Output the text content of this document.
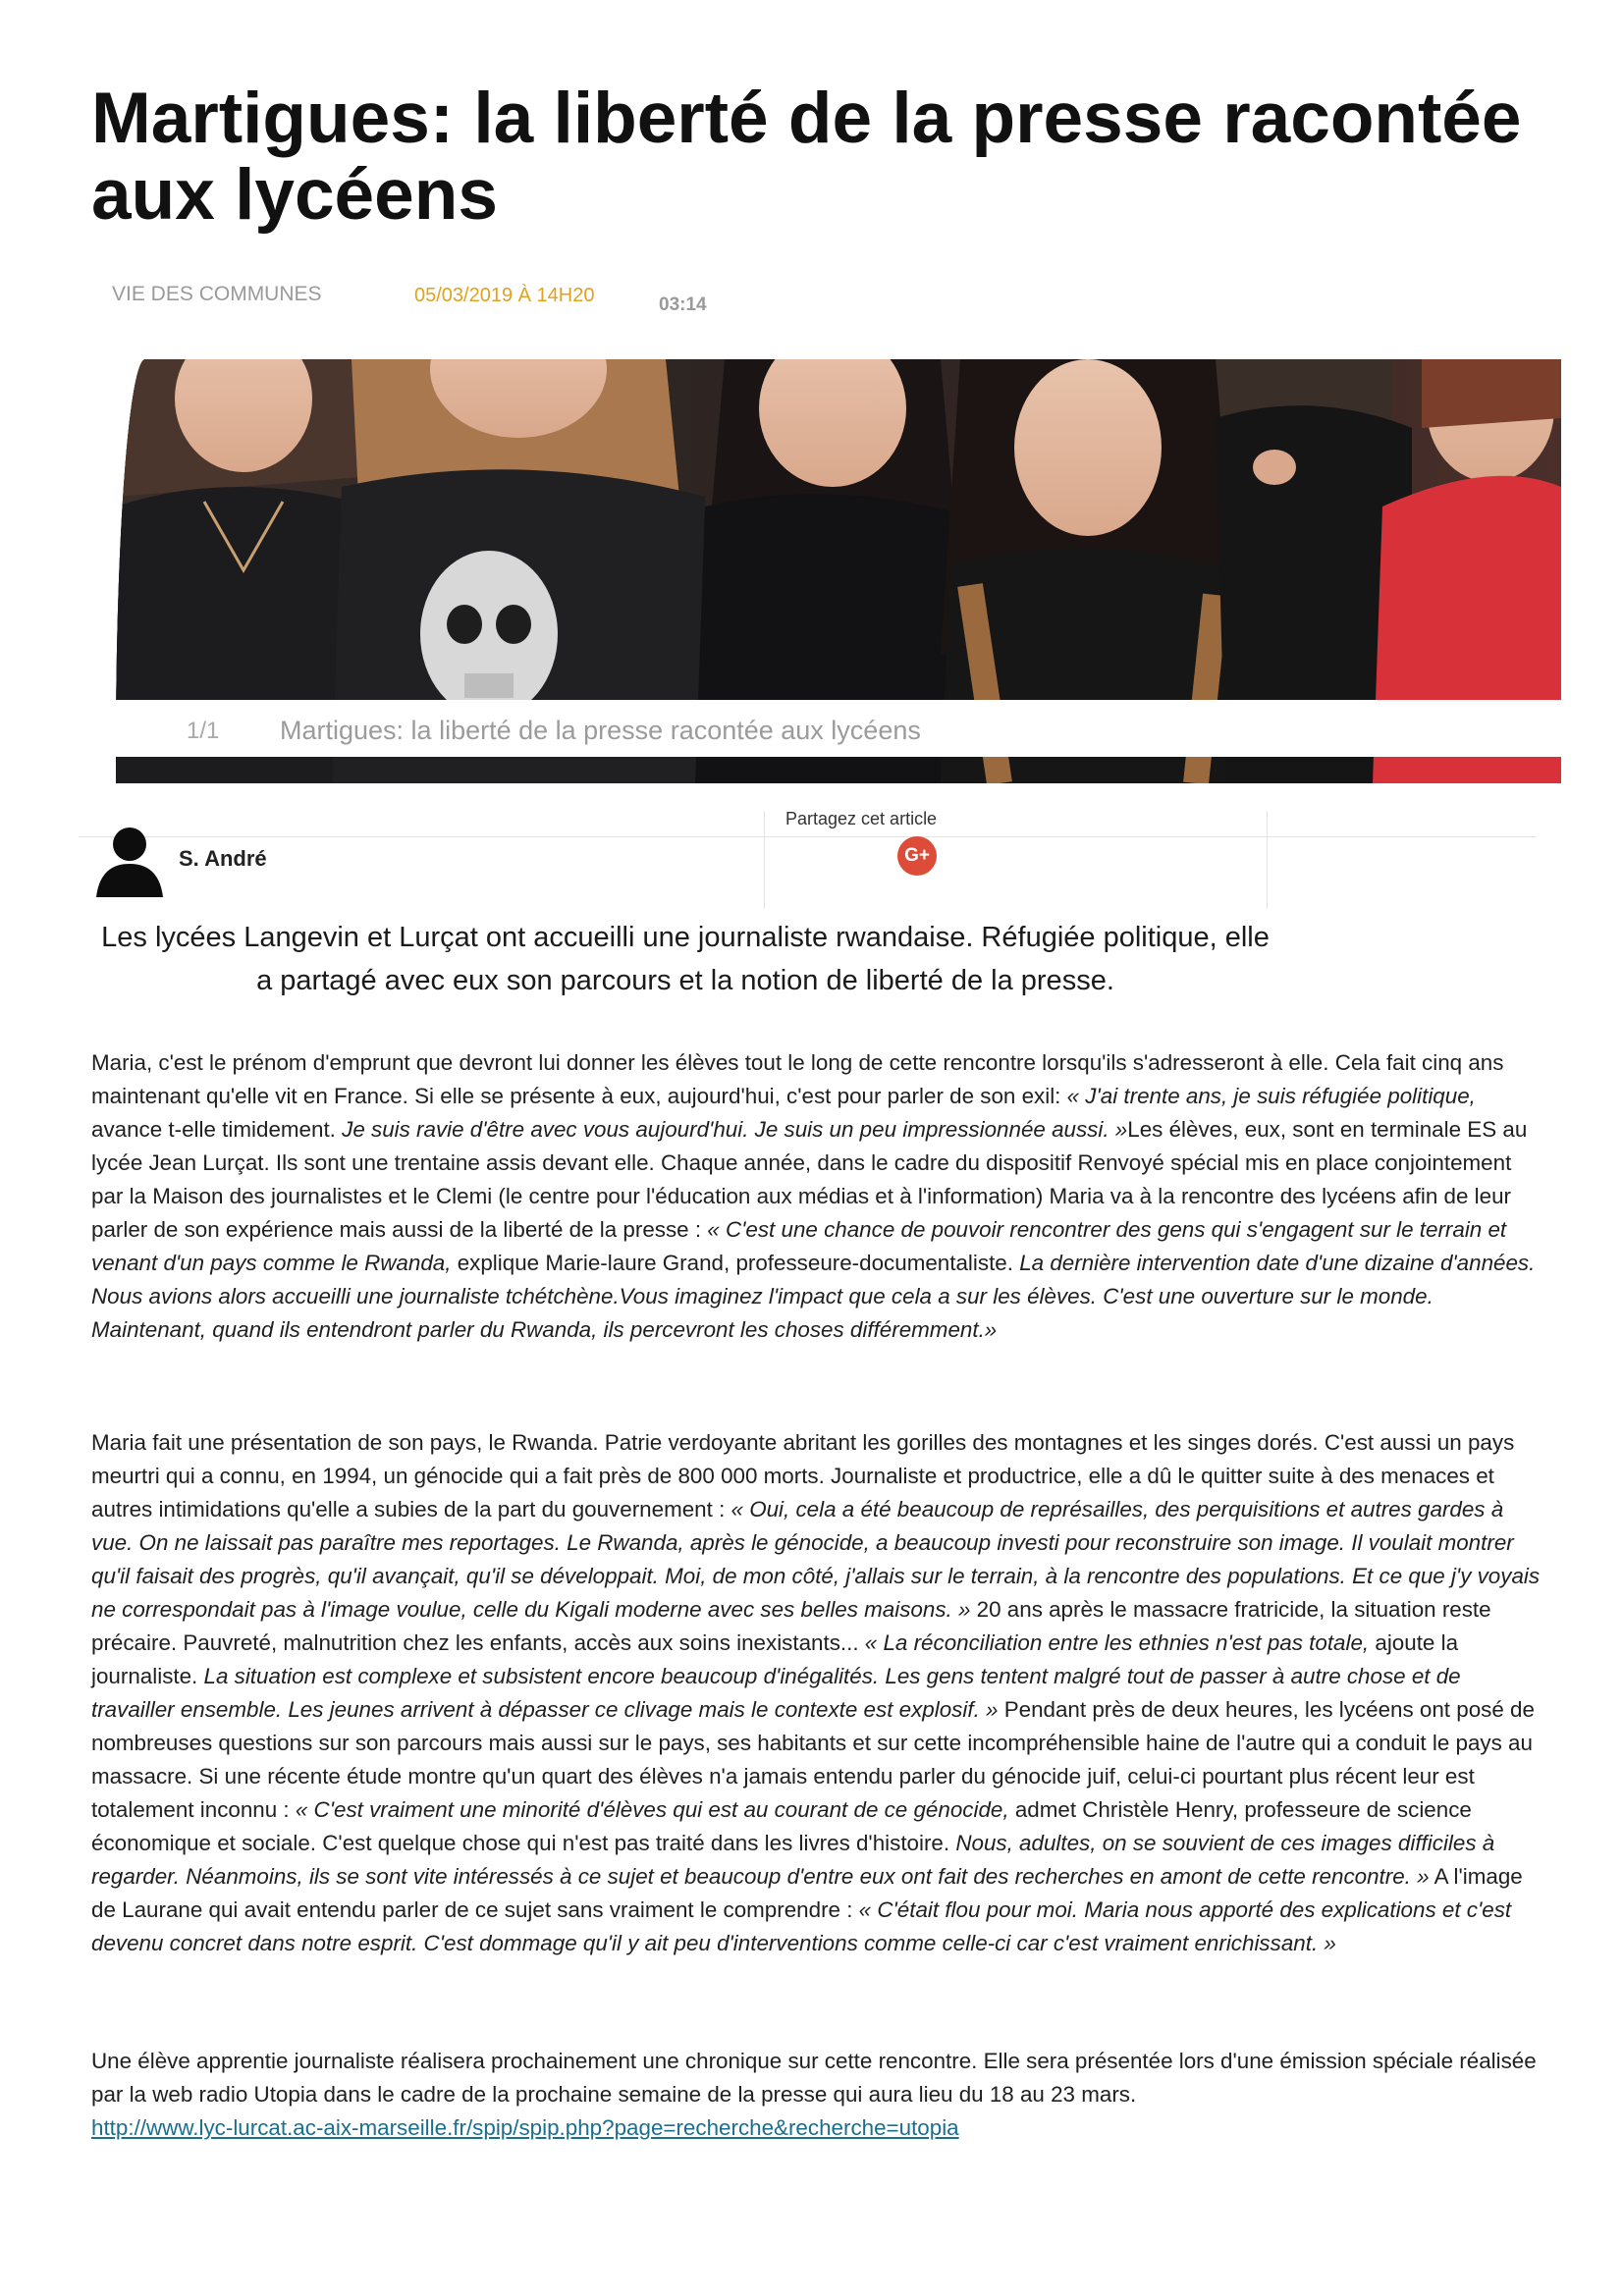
Martigues: la liberté de la presse racontée aux lycéens
VIE DES COMMUNES	05/03/2019 À 14H20	03:14
1/1 Martigues: la liberté de la presse racontée aux lycéens
S. André
Partagez cet article
G+

Les lycées Langevin et Lurçat ont accueilli une journaliste rwandaise. Réfugiée politique, elle a partagé avec eux son parcours et la notion de liberté de la presse.

Maria, c'est le prénom d'emprunt que devront lui donner les élèves tout le long de cette rencontre lorsqu'ils s'adresseront à elle. Cela fait cinq ans maintenant qu'elle vit en France. Si elle se présente à eux, aujourd'hui, c'est pour parler de son exil: « J'ai trente ans, je suis réfugiée politique, avance t-elle timidement. Je suis ravie d'être avec vous aujourd'hui. Je suis un peu impressionnée aussi. »Les élèves, eux, sont en terminale ES au lycée Jean Lurçat. Ils sont une trentaine assis devant elle. Chaque année, dans le cadre du dispositif Renvoyé spécial mis en place conjointement par la Maison des journalistes et le Clemi (le centre pour l'éducation aux médias et à l'information) Maria va à la rencontre des lycéens afin de leur parler de son expérience mais aussi de la liberté de la presse : « C'est une chance de pouvoir rencontrer des gens qui s'engagent sur le terrain et venant d'un pays comme le Rwanda, explique Marie-laure Grand, professeure-documentaliste. La dernière intervention date d'une dizaine d'années. Nous avions alors accueilli une journaliste tchétchène.Vous imaginez l'impact que cela a sur les élèves. C'est une ouverture sur le monde. Maintenant, quand ils entendront parler du Rwanda, ils percevront les choses différemment.»

Maria fait une présentation de son pays, le Rwanda. Patrie verdoyante abritant les gorilles des montagnes et les singes dorés. C'est aussi un pays meurtri qui a connu, en 1994, un génocide qui a fait près de 800 000 morts. Journaliste et productrice, elle a dû le quitter suite à des menaces et autres intimidations qu'elle a subies de la part du gouvernement : « Oui, cela a été beaucoup de représailles, des perquisitions et autres gardes à vue. On ne laissait pas paraître mes reportages. Le Rwanda, après le génocide, a beaucoup investi pour reconstruire son image. Il voulait montrer qu'il faisait des progrès, qu'il avançait, qu'il se développait. Moi, de mon côté, j'allais sur le terrain, à la rencontre des populations. Et ce que j'y voyais ne correspondait pas à l'image voulue, celle du Kigali moderne avec ses belles maisons. » 20 ans après le massacre fratricide, la situation reste précaire. Pauvreté, malnutrition chez les enfants, accès aux soins inexistants... « La réconciliation entre les ethnies n'est pas totale, ajoute la journaliste. La situation est complexe et subsistent encore beaucoup d'inégalités. Les gens tentent malgré tout de passer à autre chose et de travailler ensemble. Les jeunes arrivent à dépasser ce clivage mais le contexte est explosif. » Pendant près de deux heures, les lycéens ont posé de nombreuses questions sur son parcours mais aussi sur le pays, ses habitants et sur cette incompréhensible haine de l'autre qui a conduit le pays au massacre. Si une récente étude montre qu'un quart des élèves n'a jamais entendu parler du génocide juif, celui-ci pourtant plus récent leur est totalement inconnu : « C'est vraiment une minorité d'élèves qui est au courant de ce génocide, admet Christèle Henry, professeure de science économique et sociale. C'est quelque chose qui n'est pas traité dans les livres d'histoire. Nous, adultes, on se souvient de ces images difficiles à regarder. Néanmoins, ils se sont vite intéressés à ce sujet et beaucoup d'entre eux ont fait des recherches en amont de cette rencontre. » A l'image de Laurane qui avait entendu parler de ce sujet sans vraiment le comprendre : « C'était flou pour moi. Maria nous apporté des explications et c'est devenu concret dans notre esprit. C'est dommage qu'il y ait peu d'interventions comme celle-ci car c'est vraiment enrichissant. »

Une élève apprentie journaliste réalisera prochainement une chronique sur cette rencontre. Elle sera présentée lors d'une émission spéciale réalisée par la web radio Utopia dans le cadre de la prochaine semaine de la presse qui aura lieu du 18 au 23 mars.

http://www.lyc-lurcat.ac-aix-marseille.fr/spip/spip.php?page=recherche&recherche=utopia
